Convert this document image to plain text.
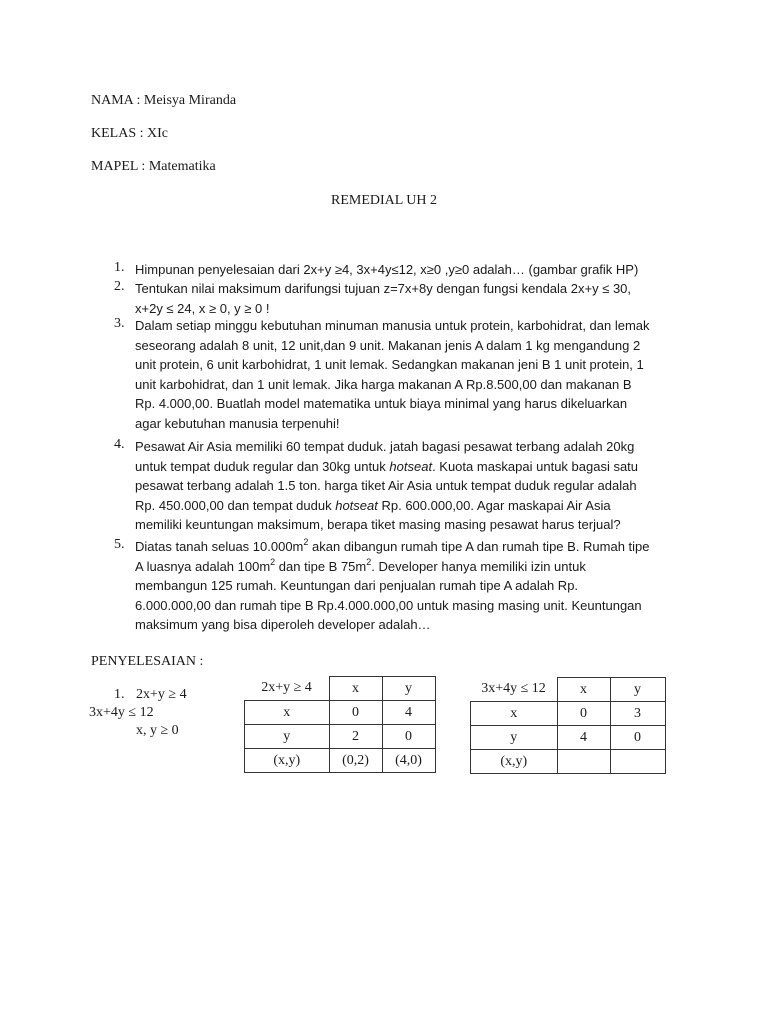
NAMA : Meisya Miranda
KELAS : XIc
MAPEL : Matematika
REMEDIAL UH 2
1. Himpunan penyelesaian dari 2x+y ≥4, 3x+4y≤12, x≥0 ,y≥0 adalah… (gambar grafik HP)
2. Tentukan nilai maksimum darifungsi tujuan z=7x+8y dengan fungsi kendala 2x+y ≤ 30,
x+2y ≤ 24, x ≥ 0, y ≥ 0 !
3. Dalam setiap minggu kebutuhan minuman manusia untuk protein, karbohidrat, dan lemak
seseorang adalah 8 unit, 12 unit,dan 9 unit. Makanan jenis A dalam 1 kg mengandung 2
unit protein, 6 unit karbohidrat, 1 unit lemak. Sedangkan makanan jeni B 1 unit protein, 1
unit karbohidrat, dan 1 unit lemak. Jika harga makanan A Rp.8.500,00 dan makanan B
Rp. 4.000,00. Buatlah model matematika untuk biaya minimal yang harus dikeluarkan
agar kebutuhan manusia terpenuhi!
4. Pesawat Air Asia memiliki 60 tempat duduk. jatah bagasi pesawat terbang adalah 20kg
untuk tempat duduk regular dan 30kg untuk hotseat. Kuota maskapai untuk bagasi satu
pesawat terbang adalah 1.5 ton. harga tiket Air Asia untuk tempat duduk regular adalah
Rp. 450.000,00 dan tempat duduk hotseat Rp. 600.000,00. Agar maskapai Air Asia
memiliki keuntungan maksimum, berapa tiket masing masing pesawat harus terjual?
5. Diatas tanah seluas $10.000m^2$ akan dibangun rumah tipe A dan rumah tipe B. Rumah tipe
A luasnya adalah $100m^2$ dan tipe B $75m^2$. Developer hanya memiliki izin untuk
membangun 125 rumah. Keuntungan dari penjualan rumah tipe A adalah Rp.
6.000.000,00 dan rumah tipe B Rp.4.000.000,00 untuk masing masing unit. Keuntungan
maksimum yang bisa diperoleh developer adalah…
PENYELESAIAN :
1. 2x+y ≥ 4
3x+4y ≤ 12
x, y ≥ 0
2x+y ≥ 4	x	y
x	0	4
y	2	0
(x,y)	(0,2)	(4,0)
3x+4y ≤ 12	x	y
x	0	3
y	4	0
(x,y)		
